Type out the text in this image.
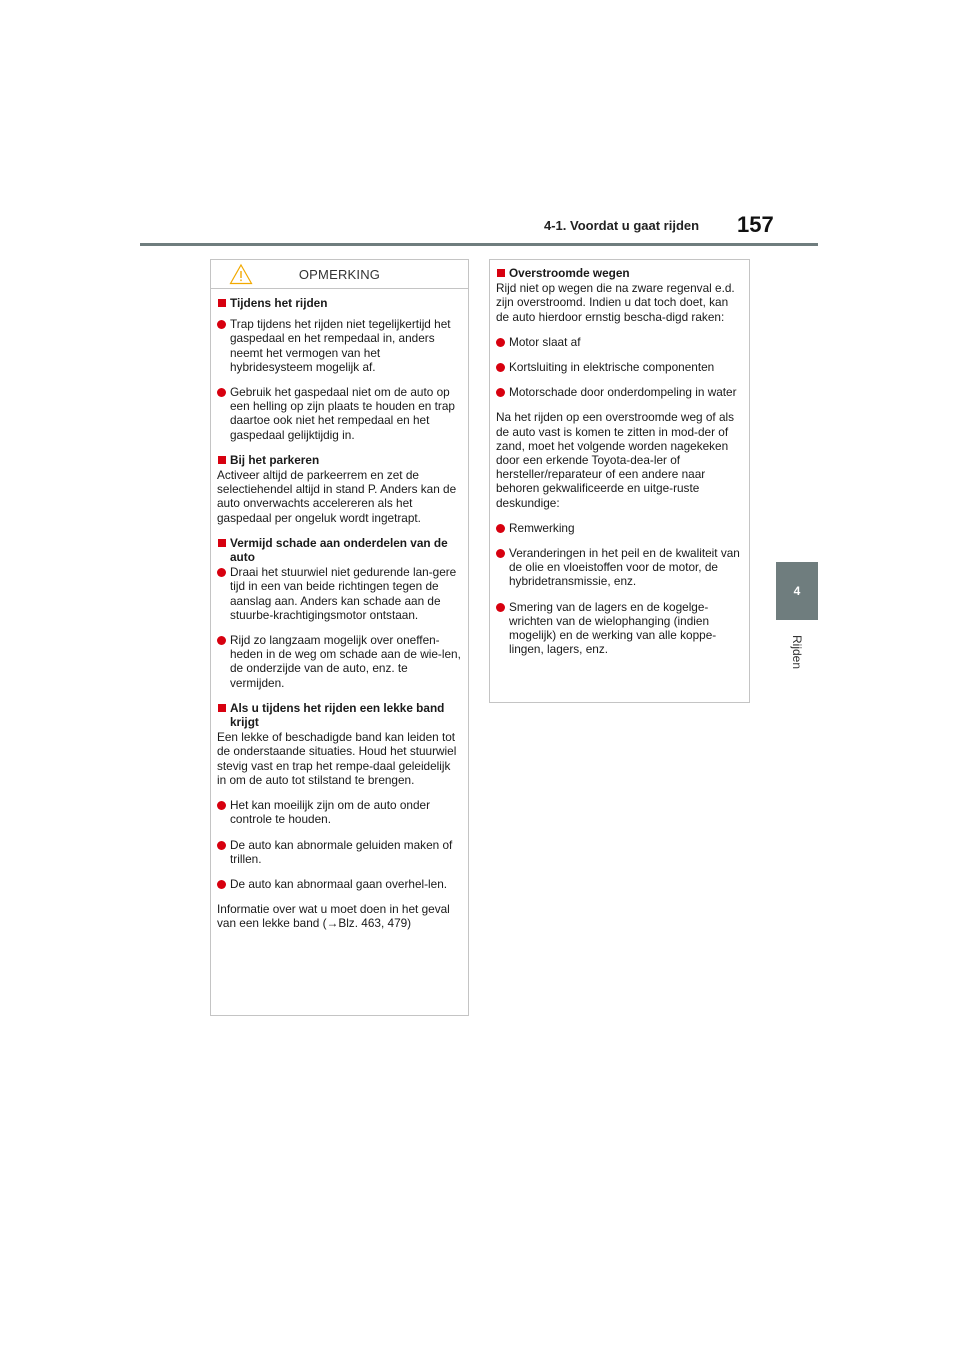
4-1. Voordat u gaat rijden 157
4
Rijden
OPMERKING
Tijdens het rijden
Trap tijdens het rijden niet tegelijkertijd het gaspedaal en het rempedaal in, anders neemt het vermogen van het hybridesysteem mogelijk af.
Gebruik het gaspedaal niet om de auto op een helling op zijn plaats te houden en trap daartoe ook niet het rempedaal en het gaspedaal gelijktijdig in.
Bij het parkeren
Activeer altijd de parkeerrem en zet de selectiehendel altijd in stand P. Anders kan de auto onverwachts accelereren als het gaspedaal per ongeluk wordt ingetrapt.
Vermijd schade aan onderdelen van de auto
Draai het stuurwiel niet gedurende lan-gere tijd in een van beide richtingen tegen de aanslag aan. Anders kan schade aan de stuurbe-krachtigingsmotor ontstaan.
Rijd zo langzaam mogelijk over oneffen-heden in de weg om schade aan de wie-len, de onderzijde van de auto, enz. te vermijden.
Als u tijdens het rijden een lekke band krijgt
Een lekke of beschadigde band kan leiden tot de onderstaande situaties. Houd het stuurwiel stevig vast en trap het rempe-daal geleidelijk in om de auto tot stilstand te brengen.
Het kan moeilijk zijn om de auto onder controle te houden.
De auto kan abnormale geluiden maken of trillen.
De auto kan abnormaal gaan overhel-len.
Informatie over wat u moet doen in het geval van een lekke band (→Blz. 463, 479)
Overstroomde wegen
Rijd niet op wegen die na zware regenval e.d. zijn overstroomd. Indien u dat toch doet, kan de auto hierdoor ernstig bescha-digd raken:
Motor slaat af
Kortsluiting in elektrische componenten
Motorschade door onderdompeling in water
Na het rijden op een overstroomde weg of als de auto vast is komen te zitten in mod-der of zand, moet het volgende worden nagekeken door een erkende Toyota-dea-ler of hersteller/reparateur of een andere naar behoren gekwalificeerde en uitge-ruste deskundige:
Remwerking
Veranderingen in het peil en de kwaliteit van de olie en vloeistoffen voor de motor, de hybridetransmissie, enz.
Smering van de lagers en de kogelge-wrichten van de wielophanging (indien mogelijk) en de werking van alle koppe-lingen, lagers, enz.
